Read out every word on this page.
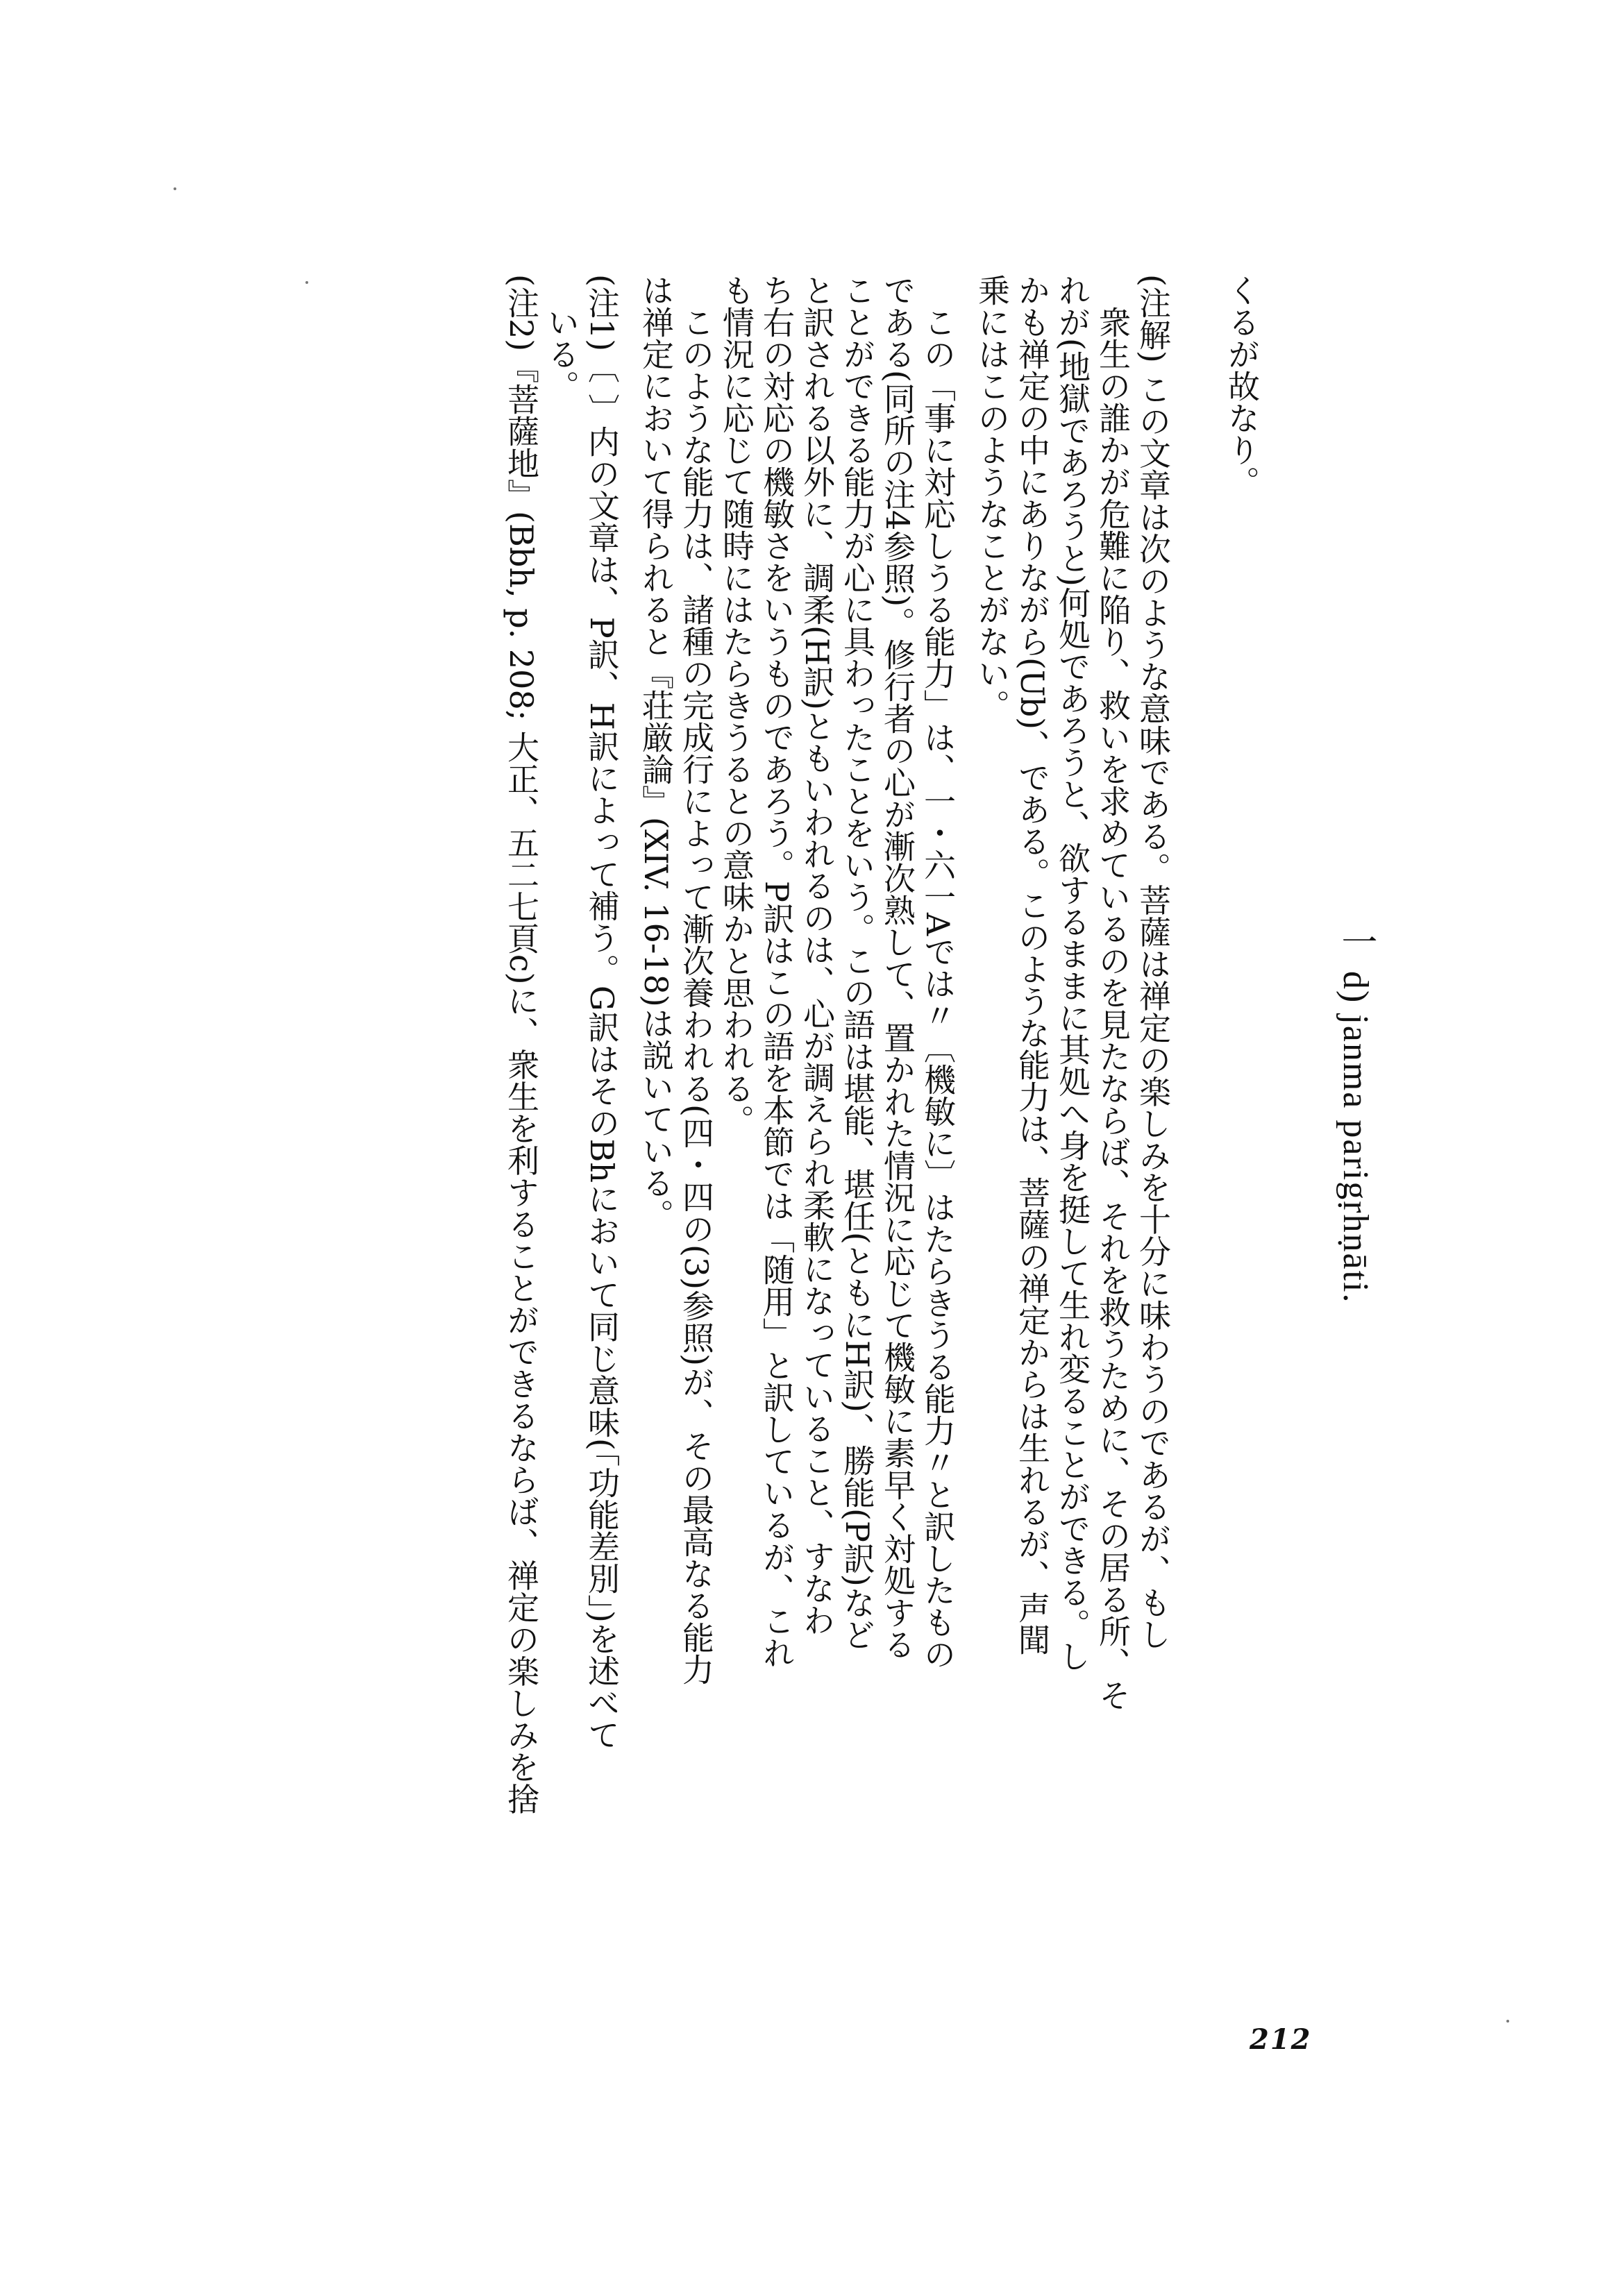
一 d) janma parigṛhṇāti.
くるが故なり。
(注解) この文章は次のような意味である。菩薩は禅定の楽しみを十分に味わうのであるが、もし
衆生の誰かが危難に陥り、救いを求めているのを見たならば、それを救うために、その居る所、そ
れが(地獄であろうと)何処であろうと、欲するままに其処へ身を挺して生れ変ることができる。し
かも禅定の中にありながら(Ub)、である。このような能力は、菩薩の禅定からは生れるが、声聞
乗にはこのようなことがない。
この「事に対応しうる能力」は、一・六一Aでは〃〔機敏に〕はたらきうる能力〃と訳したもの
である(同所の注4参照)。修行者の心が漸次熟して、置かれた情況に応じて機敏に素早く対処する
ことができる能力が心に具わったことをいう。この語は堪能、堪任(ともにH訳)、勝能(P訳)など
と訳される以外に、調柔(H訳)ともいわれるのは、心が調えられ柔軟になっていること、すなわ
ち右の対応の機敏さをいうものであろう。P訳はこの語を本節では「随用」と訳しているが、これ
も情況に応じて随時にはたらきうるとの意味かと思われる。
このような能力は、諸種の完成行によって漸次養われる(四・四の(3)参照)が、その最高なる能力
は禅定において得られると『荘厳論』(XIV. 16-18)は説いている。
(注1)〔 〕内の文章は、P訳、H訳によって補う。G訳はそのBhにおいて同じ意味(「功能差別」)を述べて
いる。
(注2)『菩薩地』(Bbh, p. 208; 大正、五二七頁c)に、衆生を利することができるならば、禅定の楽しみを捨
212
